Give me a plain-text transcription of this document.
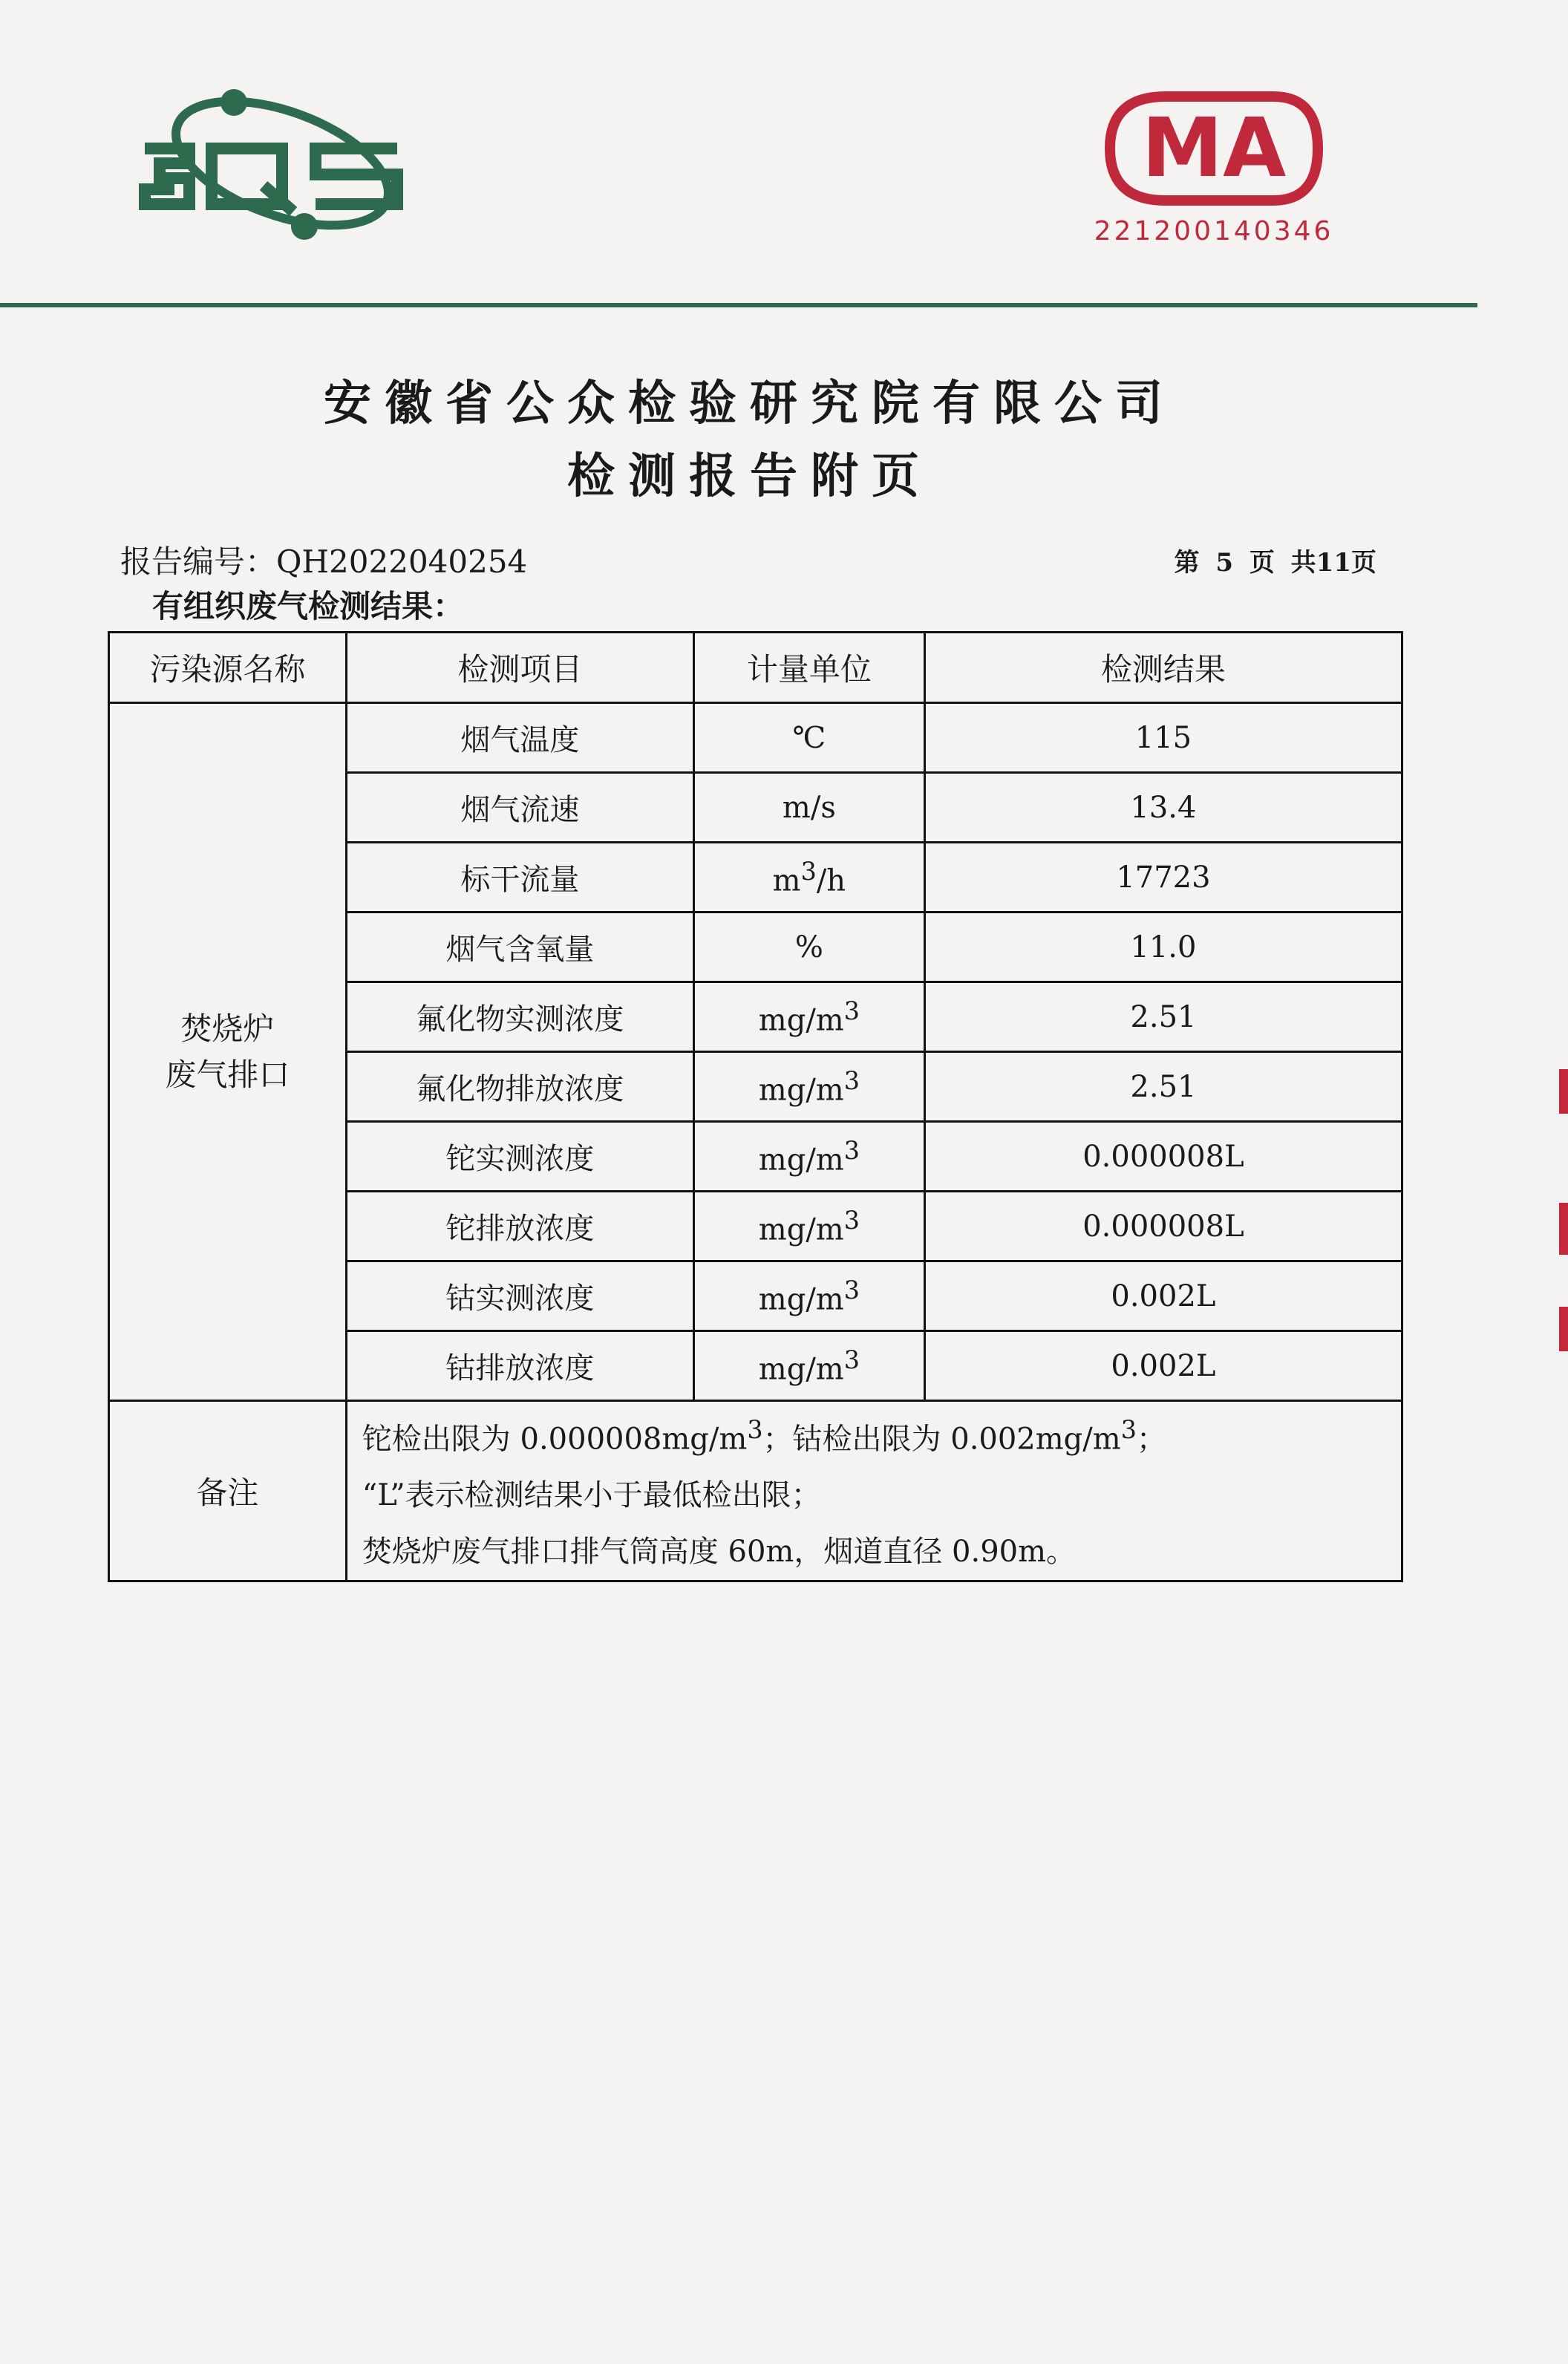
MA
221200140346
安徽省公众检验研究院有限公司
检测报告附页
报告编号：QH2022040254	第 5 页 共11页
有组织废气检测结果：
污染源名称	检测项目	计量单位	检测结果
焚烧炉
废气排口	烟气温度	℃	115
	烟气流速	m/s	13.4
	标干流量	$m^3/h$	17723
	烟气含氧量	%	11.0
	氟化物实测浓度	$mg/m^3$	2.51
	氟化物排放浓度	$mg/m^3$	2.51
	铊实测浓度	$mg/m^3$	0.000008L
	铊排放浓度	$mg/m^3$	0.000008L
	钴实测浓度	$mg/m^3$	0.002L
	钴排放浓度	$mg/m^3$	0.002L
备注	铊检出限为 $0.000008mg/m^3$；钴检出限为 $0.002mg/m^3$；
“L”表示检测结果小于最低检出限；
焚烧炉废气排口排气筒高度 60m，烟道直径 0.90m。		
